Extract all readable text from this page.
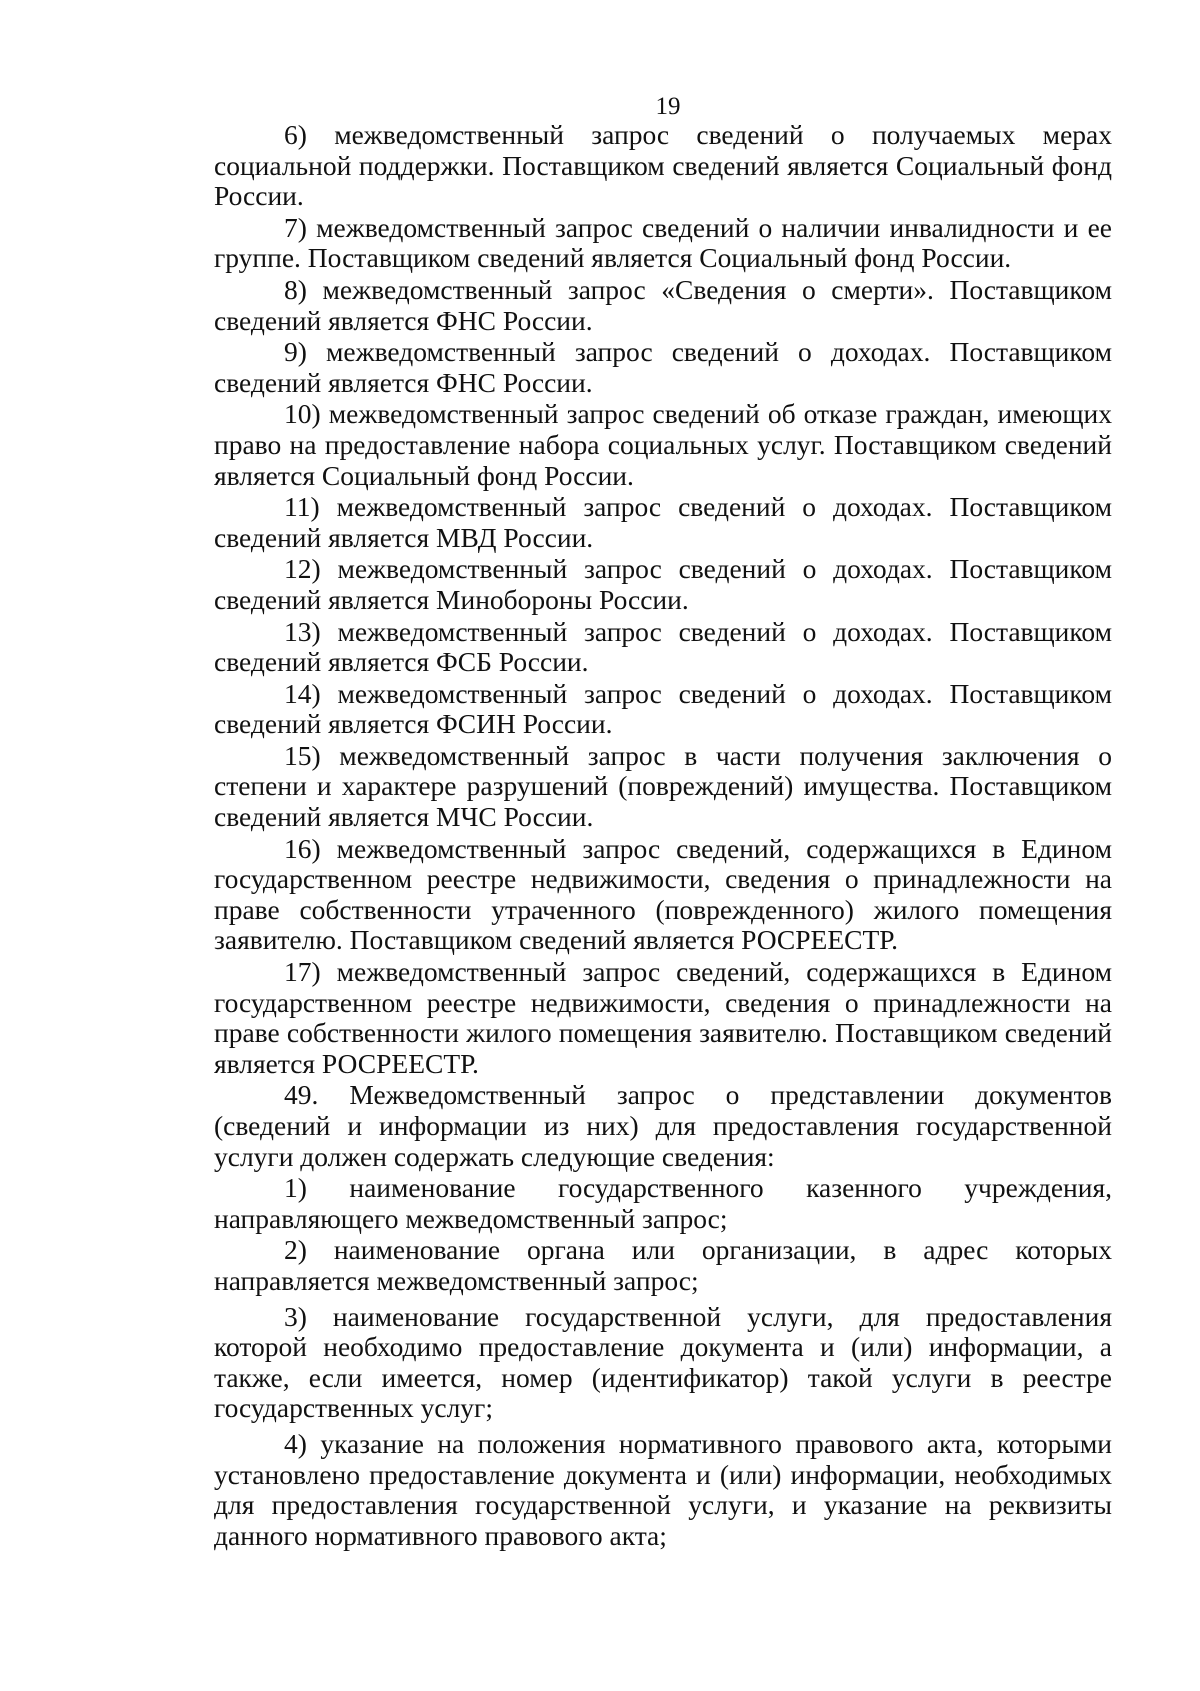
19

6) межведомственный запрос сведений о получаемых мерах социальной поддержки. Поставщиком сведений является Социальный фонд России.

7) межведомственный запрос сведений о наличии инвалидности и ее группе. Поставщиком сведений является Социальный фонд России.

8) межведомственный запрос «Сведения о смерти». Поставщиком сведений является ФНС России.

9) межведомственный запрос сведений о доходах. Поставщиком сведений является ФНС России.

10) межведомственный запрос сведений об отказе граждан, имеющих право на предоставление набора социальных услуг. Поставщиком сведений является Социальный фонд России.

11) межведомственный запрос сведений о доходах. Поставщиком сведений является МВД России.

12) межведомственный запрос сведений о доходах. Поставщиком сведений является Минобороны России.

13) межведомственный запрос сведений о доходах. Поставщиком сведений является ФСБ России.

14) межведомственный запрос сведений о доходах. Поставщиком сведений является ФСИН России.

15) межведомственный запрос в части получения заключения о степени и характере разрушений (повреждений) имущества. Поставщиком сведений является МЧС России.

16) межведомственный запрос сведений, содержащихся в Едином государственном реестре недвижимости, сведения о принадлежности на праве собственности утраченного (поврежденного) жилого помещения заявителю. Поставщиком сведений является РОСРЕЕСТР.

17) межведомственный запрос сведений, содержащихся в Едином государственном реестре недвижимости, сведения о принадлежности на праве собственности жилого помещения заявителю. Поставщиком сведений является РОСРЕЕСТР.

49. Межведомственный запрос о представлении документов (сведений и информации из них) для предоставления государственной услуги должен содержать следующие сведения:

1) наименование государственного казенного учреждения, направляющего межведомственный запрос;

2) наименование органа или организации, в адрес которых направляется межведомственный запрос;

3) наименование государственной услуги, для предоставления которой необходимо предоставление документа и (или) информации, а также, если имеется, номер (идентификатор) такой услуги в реестре государственных услуг;

4) указание на положения нормативного правового акта, которыми установлено предоставление документа и (или) информации, необходимых для предоставления государственной услуги, и указание на реквизиты данного нормативного правового акта;
